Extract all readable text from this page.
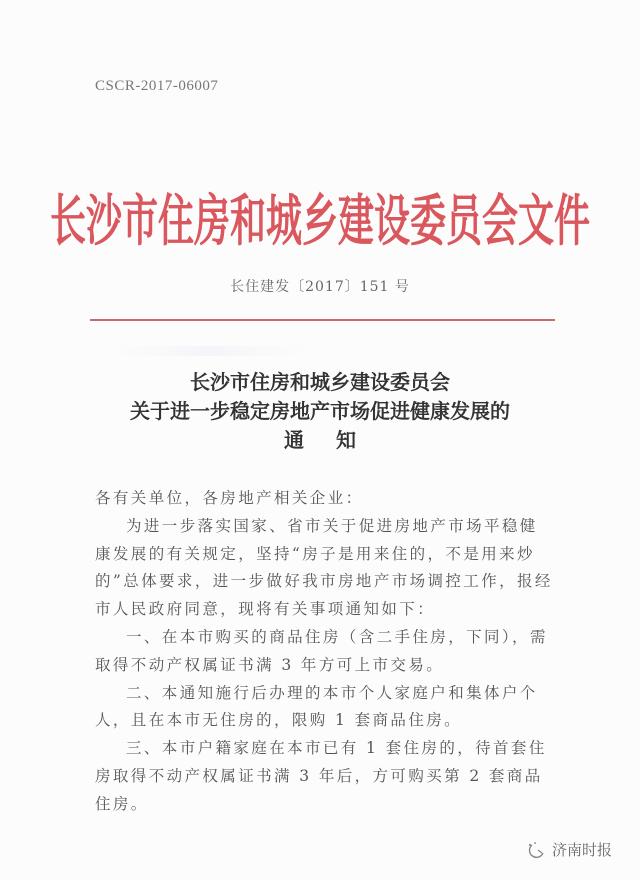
CSCR-2017-06007
长沙市住房和城乡建设委员会文件
长住建发〔2017〕151 号
长沙市住房和城乡建设委员会
关于进一步稳定房地产市场促进健康发展的
通知

各有关单位，各房地产相关企业：

为进一步落实国家、省市关于促进房地产市场平稳健康发展的有关规定，坚持“房子是用来住的，不是用来炒的”总体要求，进一步做好我市房地产市场调控工作，报经市人民政府同意，现将有关事项通知如下：

一、在本市购买的商品住房（含二手住房，下同），需取得不动产权属证书满 3 年方可上市交易。

二、本通知施行后办理的本市个人家庭户和集体户个人，且在本市无住房的，限购 1 套商品住房。

三、本市户籍家庭在本市已有 1 套住房的，待首套住房取得不动产权属证书满 3 年后，方可购买第 2 套商品住房。

济南时报
